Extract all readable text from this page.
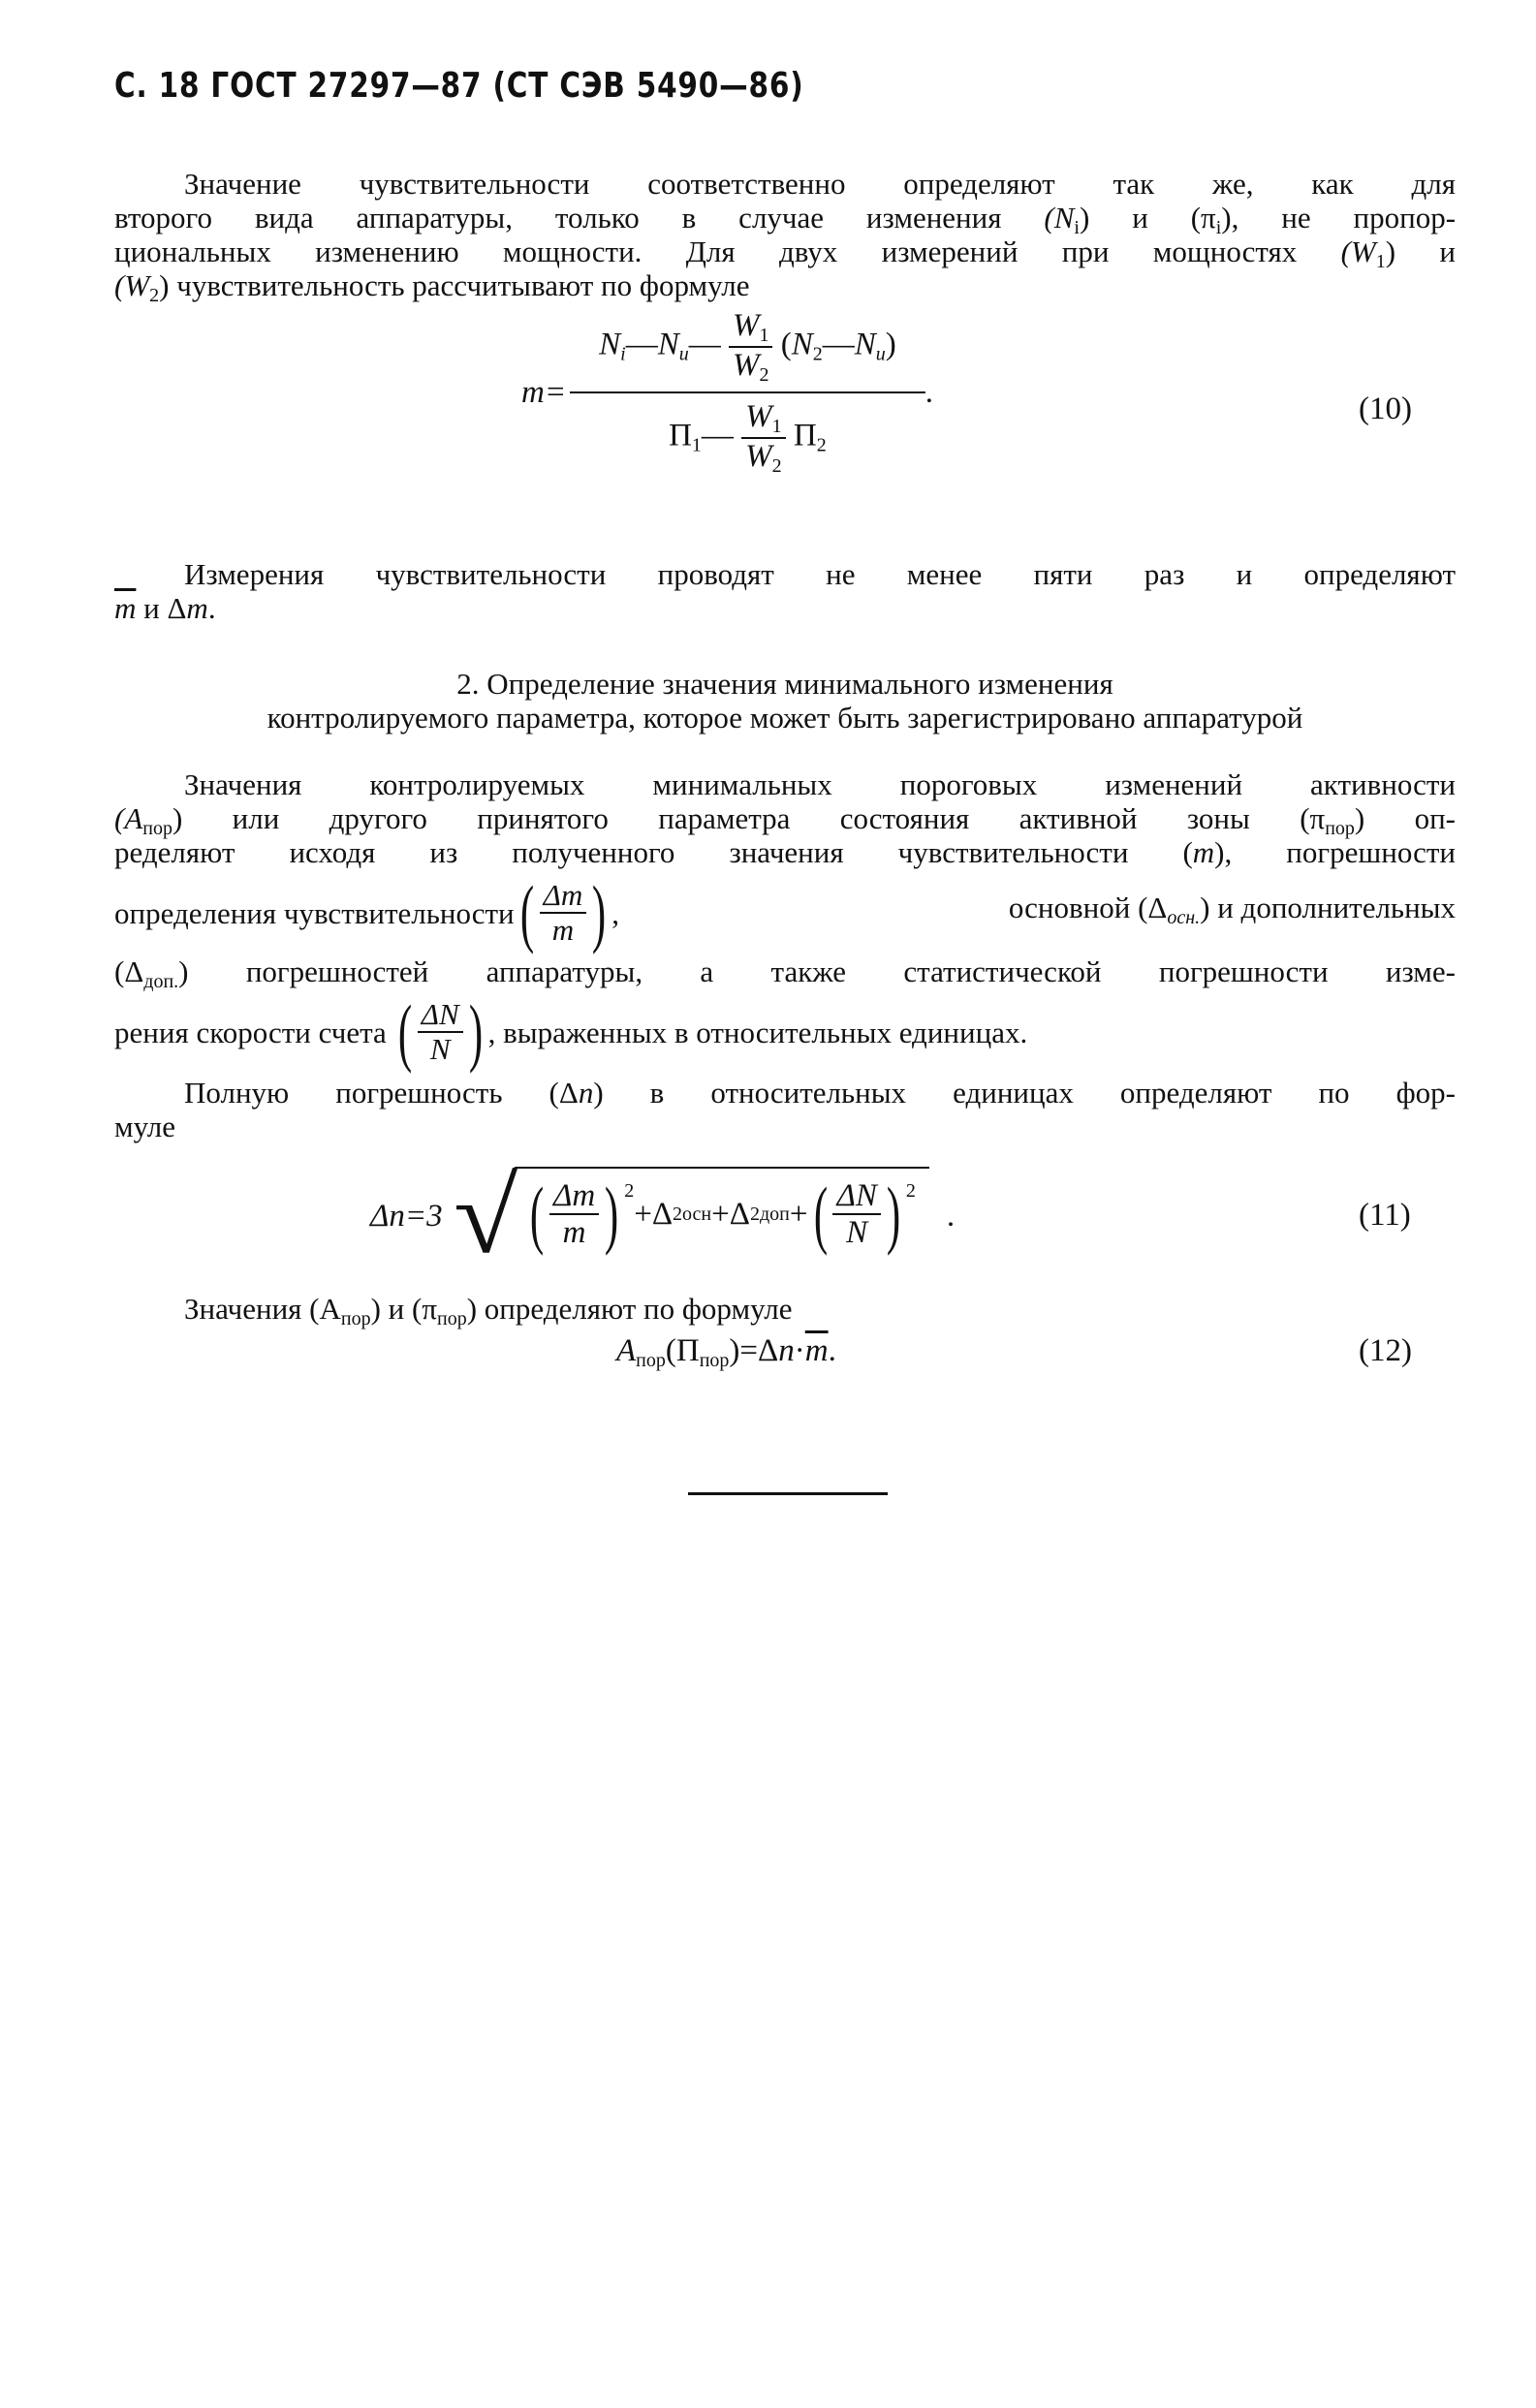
С. 18 ГОСТ 27297—87 (СТ СЭВ 5490—86)
Значение чувствительности соответственно определяют так же, как для
второго вида аппаратуры, только в случае изменения $(N_i)$ и $(\pi_i)$, не пропор-
циональных изменению мощности. Для двух измерений при мощностях $(W_1)$ и
$(W_2)$ чувствительность рассчитывают по формуле
$m= \frac{N_i—N_и— \frac{W_1}{W_2} (N_2—N_и)}{П_1— \frac{W_1}{W_2} П_2}$ .	(10)
Измерения чувствительности проводят не менее пяти раз и определяют
$\overline{m}$ и Δm.
2. Определение значения минимального изменения
контролируемого параметра, которое может быть зарегистрировано аппаратурой
Значения контролируемых минимальных пороговых изменений активности
$(A_{пор})$ или другого принятого параметра состояния активной зоны $(\pi_{пор})$ оп-
ределяют исходя из полученного значения чувствительности (m), погрешности
определения чувствительности ( $\frac{\Delta m}{m}$ ) ,	основной $(\Delta_{осн.})$ и дополнительных
$(\Delta_{доп.})$ погрешностей аппаратуры, а также статистической погрешности изме-
рения скорости счета ( $\frac{\Delta N}{N}$ ) , выраженных в относительных единицах.
Полную погрешность (Δn) в относительных единицах определяют по фор-
муле
Δn=3 √ ( $\frac{\Delta m}{m}$ ) $^2$
+ Δ 2 осн + Δ 2 доп + ( $\frac{\Delta N}{N}$ ) $^2$
.	(11)
Значения $(A_{пор})$ и $(\pi_{пор})$ определяют по формуле
$A_{пор}(П_{пор})=\Delta n\cdot\overline{m}$.	(12)
